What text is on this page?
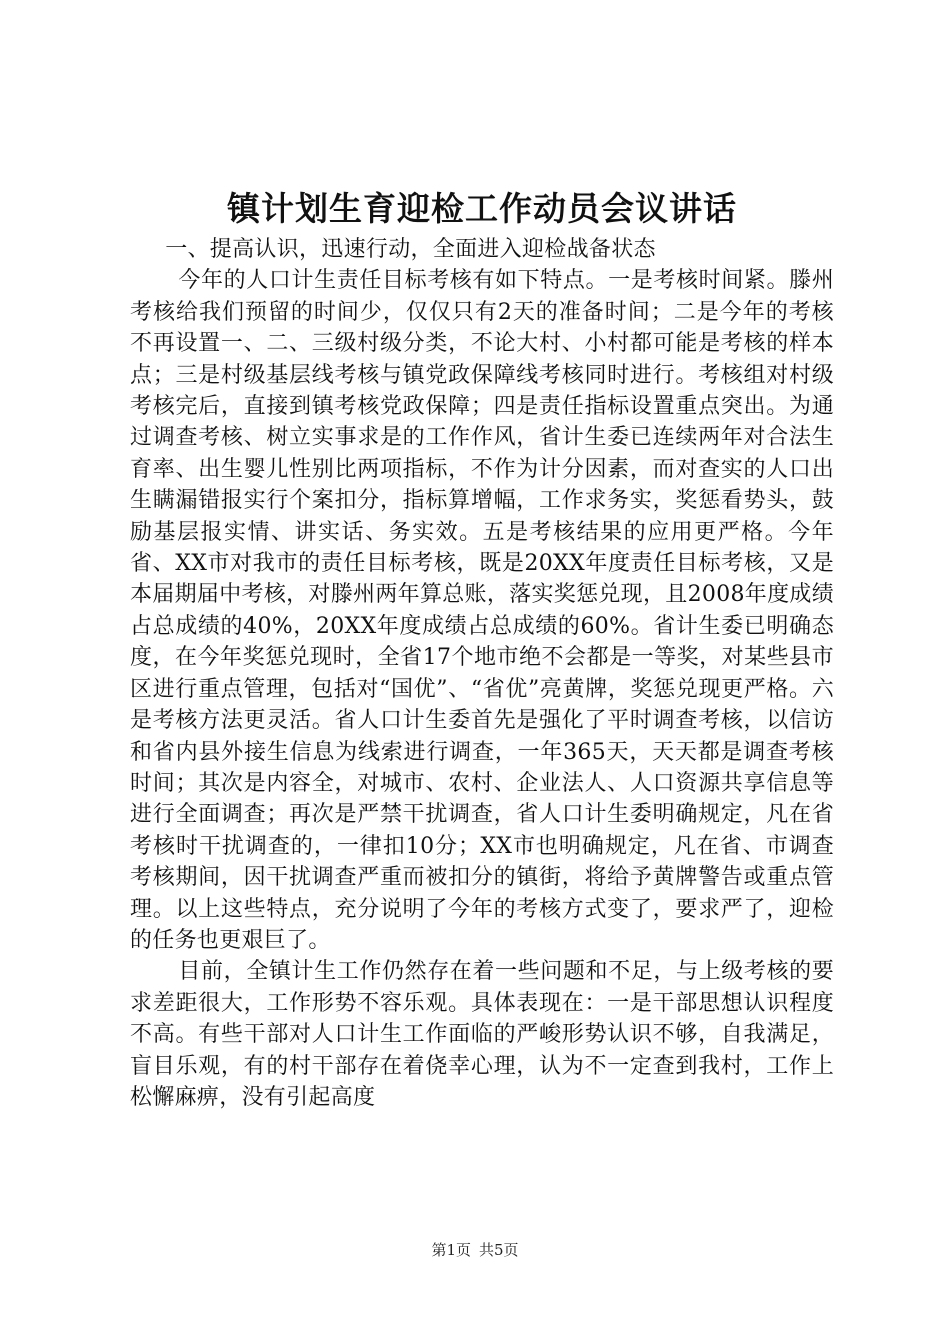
镇计划生育迎检工作动员会议讲话

一、提高认识，迅速行动，全面进入迎检战备状态

今年的人口计生责任目标考核有如下特点。一是考核时间紧。滕州考核给我们预留的时间少，仅仅只有2天的准备时间；二是今年的考核不再设置一、二、三级村级分类，不论大村、小村都可能是考核的样本点；三是村级基层线考核与镇党政保障线考核同时进行。考核组对村级考核完后，直接到镇考核党政保障；四是责任指标设置重点突出。为通过调查考核、树立实事求是的工作作风，省计生委已连续两年对合法生育率、出生婴儿性别比两项指标，不作为计分因素，而对查实的人口出生瞒漏错报实行个案扣分，指标算增幅，工作求务实，奖惩看势头，鼓励基层报实情、讲实话、务实效。五是考核结果的应用更严格。今年省、XX市对我市的责任目标考核，既是20XX年度责任目标考核，又是本届期届中考核，对滕州两年算总账，落实奖惩兑现，且2008年度成绩占总成绩的40%，20XX年度成绩占总成绩的60%。省计生委已明确态度，在今年奖惩兑现时，全省17个地市绝不会都是一等奖，对某些县市区进行重点管理，包括对“国优”、“省优”亮黄牌，奖惩兑现更严格。六是考核方法更灵活。省人口计生委首先是强化了平时调查考核，以信访和省内县外接生信息为线索进行调查，一年365天，天天都是调查考核时间；其次是内容全，对城市、农村、企业法人、人口资源共享信息等进行全面调查；再次是严禁干扰调查，省人口计生委明确规定，凡在省考核时干扰调查的，一律扣10分；XX市也明确规定，凡在省、市调查考核期间，因干扰调查严重而被扣分的镇街，将给予黄牌警告或重点管理。以上这些特点，充分说明了今年的考核方式变了，要求严了，迎检的任务也更艰巨了。

目前，全镇计生工作仍然存在着一些问题和不足，与上级考核的要求差距很大，工作形势不容乐观。具体表现在：一是干部思想认识程度不高。有些干部对人口计生工作面临的严峻形势认识不够，自我满足，盲目乐观，有的村干部存在着侥幸心理，认为不一定查到我村，工作上松懈麻痹，没有引起高度

第1页 共5页
